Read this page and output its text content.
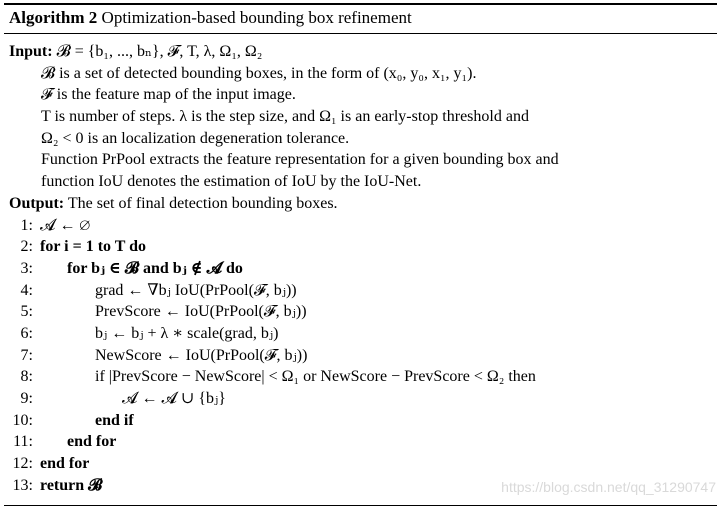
Algorithm 2 Optimization-based bounding box refinement
Input: 𝓑 = {b₁, ..., bₙ}, 𝓕, T, λ, Ω₁, Ω₂
𝓑 is a set of detected bounding boxes, in the form of (x₀, y₀, x₁, y₁).
𝓕 is the feature map of the input image.
T is number of steps. λ is the step size, and Ω₁ is an early-stop threshold and
Ω₂ < 0 is an localization degeneration tolerance.
Function PrPool extracts the feature representation for a given bounding box and
function IoU denotes the estimation of IoU by the IoU-Net.
Output: The set of final detection bounding boxes.
1: 𝓐 ← ∅
2: for i = 1 to T do
3: for bⱼ ∈ 𝓑 and bⱼ ∉ 𝓐 do
4:	grad ← ∇bⱼ IoU(PrPool(𝓕, bⱼ))
5:	PrevScore ← IoU(PrPool(𝓕, bⱼ))
6:	bⱼ ← bⱼ + λ ∗ scale(grad, bⱼ)
7:	NewScore ← IoU(PrPool(𝓕, bⱼ))
8:	if |PrevScore − NewScore| < Ω₁ or NewScore − PrevScore < Ω₂ then
9:	𝓐 ← 𝓐 ∪ {bⱼ}
10:	end if
11: end for
12: end for
13: return 𝓑	https://blog.csdn.net/qq_31290747
